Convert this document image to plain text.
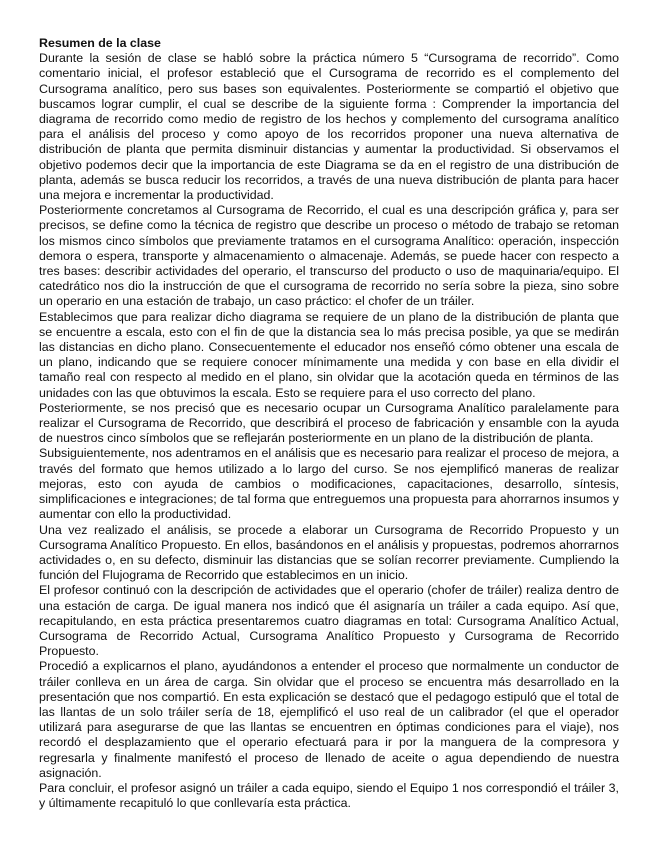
Resumen de la clase

Durante la sesión de clase se habló sobre la práctica número 5 “Cursograma de recorrido”. Como comentario inicial, el profesor estableció que el Cursograma de recorrido es el complemento del Cursograma analítico, pero sus bases son equivalentes. Posteriormente se compartió el objetivo que buscamos lograr cumplir, el cual se describe de la siguiente forma : Comprender la importancia del diagrama de recorrido como medio de registro de los hechos y complemento del cursograma analítico para el análisis del proceso y como apoyo de los recorridos proponer una nueva alternativa de distribución de planta que permita disminuir distancias y aumentar la productividad. Si observamos el objetivo podemos decir que la importancia de este Diagrama se da en el registro de una distribución de planta, además se busca reducir los recorridos, a través de una nueva distribución de planta para hacer una mejora e incrementar la productividad.

Posteriormente concretamos al Cursograma de Recorrido, el cual es una descripción gráfica y, para ser precisos, se define como la técnica de registro que describe un proceso o método de trabajo se retoman los mismos cinco símbolos que previamente tratamos en el cursograma Analítico: operación, inspección demora o espera, transporte y almacenamiento o almacenaje. Además, se puede hacer con respecto a tres bases: describir actividades del operario, el transcurso del producto o uso de maquinaria/equipo. El catedrático nos dio la instrucción de que el cursograma de recorrido no sería sobre la pieza, sino sobre un operario en una estación de trabajo, un caso práctico: el chofer de un tráiler.

Establecimos que para realizar dicho diagrama se requiere de un plano de la distribución de planta que se encuentre a escala, esto con el fin de que la distancia sea lo más precisa posible, ya que se medirán las distancias en dicho plano. Consecuentemente el educador nos enseñó cómo obtener una escala de un plano, indicando que se requiere conocer mínimamente una medida y con base en ella dividir el tamaño real con respecto al medido en el plano, sin olvidar que la acotación queda en términos de las unidades con las que obtuvimos la escala. Esto se requiere para el uso correcto del plano.

Posteriormente, se nos precisó que es necesario ocupar un Cursograma Analítico paralelamente para realizar el Cursograma de Recorrido, que describirá el proceso de fabricación y ensamble con la ayuda de nuestros cinco símbolos que se reflejarán posteriormente en un plano de la distribución de planta.

Subsiguientemente, nos adentramos en el análisis que es necesario para realizar el proceso de mejora, a través del formato que hemos utilizado a lo largo del curso. Se nos ejemplificó maneras de realizar mejoras, esto con ayuda de cambios o modificaciones, capacitaciones, desarrollo, síntesis, simplificaciones e integraciones; de tal forma que entreguemos una propuesta para ahorrarnos insumos y aumentar con ello la productividad.

Una vez realizado el análisis, se procede a elaborar un Cursograma de Recorrido Propuesto y un Cursograma Analítico Propuesto. En ellos, basándonos en el análisis y propuestas, podremos ahorrarnos actividades o, en su defecto, disminuir las distancias que se solían recorrer previamente. Cumpliendo la función del Flujograma de Recorrido que establecimos en un inicio.

El profesor continuó con la descripción de actividades que el operario (chofer de tráiler) realiza dentro de una estación de carga. De igual manera nos indicó que él asignaría un tráiler a cada equipo. Así que, recapitulando, en esta práctica presentaremos cuatro diagramas en total: Cursograma Analítico Actual, Cursograma de Recorrido Actual, Cursograma Analítico Propuesto y Cursograma de Recorrido Propuesto.

Procedió a explicarnos el plano, ayudándonos a entender el proceso que normalmente un conductor de tráiler conlleva en un área de carga. Sin olvidar que el proceso se encuentra más desarrollado en la presentación que nos compartió. En esta explicación se destacó que el pedagogo estipuló que el total de las llantas de un solo tráiler sería de 18, ejemplificó el uso real de un calibrador (el que el operador utilizará para asegurarse de que las llantas se encuentren en óptimas condiciones para el viaje), nos recordó el desplazamiento que el operario efectuará para ir por la manguera de la compresora y regresarla y finalmente manifestó el proceso de llenado de aceite o agua dependiendo de nuestra asignación.

Para concluir, el profesor asignó un tráiler a cada equipo, siendo el Equipo 1 nos correspondió el tráiler 3, y últimamente recapituló lo que conllevaría esta práctica.
